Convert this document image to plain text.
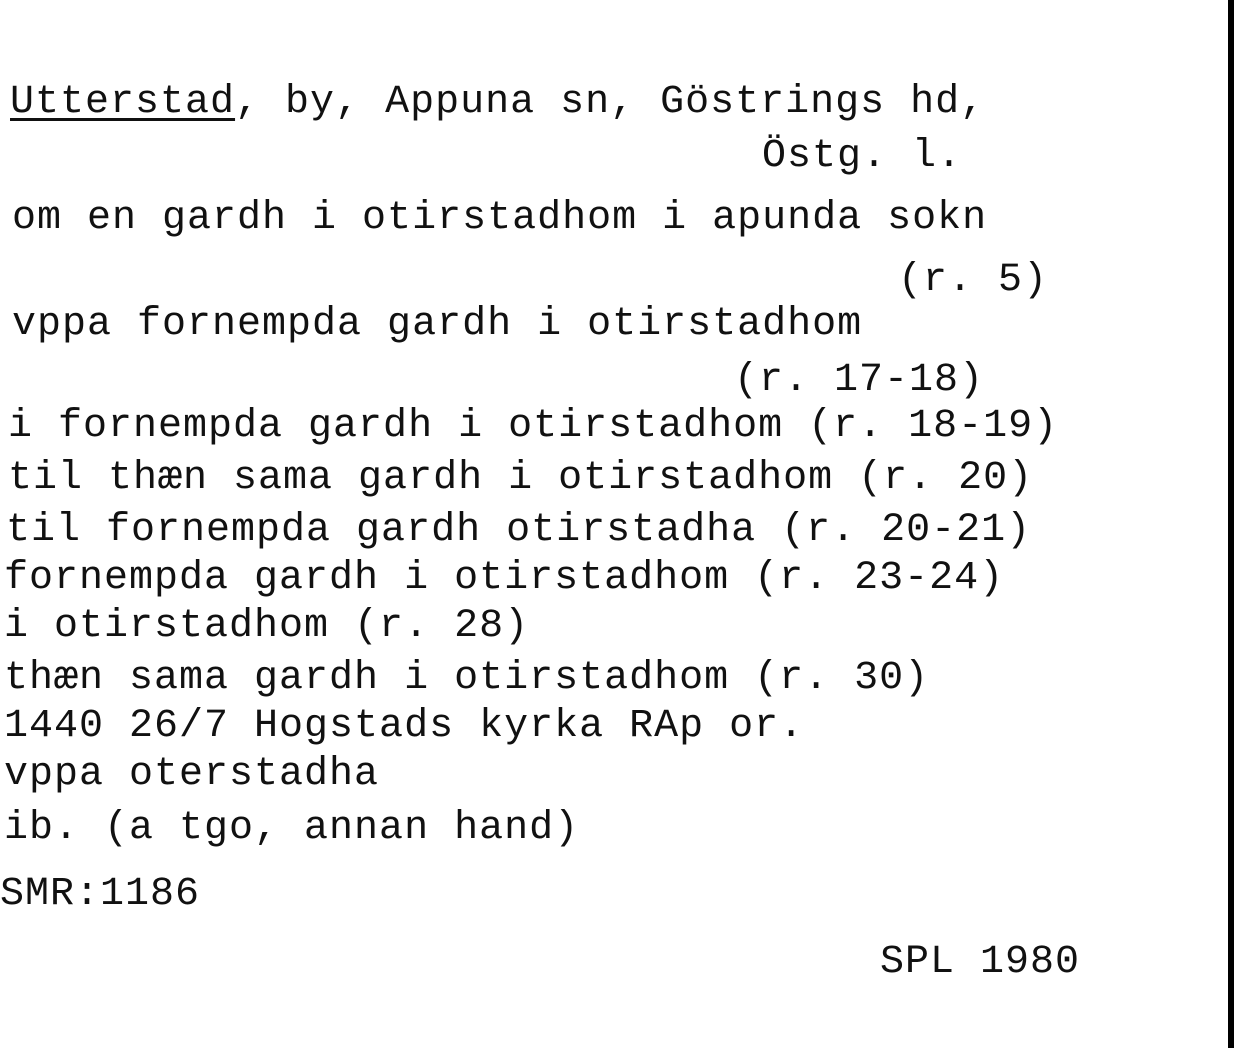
Utterstad, by, Appuna sn, Göstrings hd,
Östg. l.
om en gardh i otirstadhom i apunda sokn
(r. 5)
vppa fornempda gardh i otirstadhom
(r. 17-18)
i fornempda gardh i otirstadhom (r. 18-19)
til thæn sama gardh i otirstadhom (r. 20)
til fornempda gardh otirstadha (r. 20-21)
fornempda gardh i otirstadhom (r. 23-24)
i otirstadhom (r. 28)
thæn sama gardh i otirstadhom (r. 30)
1440 26/7 Hogstads kyrka RAp or.
vppa oterstadha
ib. (a tgo, annan hand)
SMR:1186
SPL 1980
